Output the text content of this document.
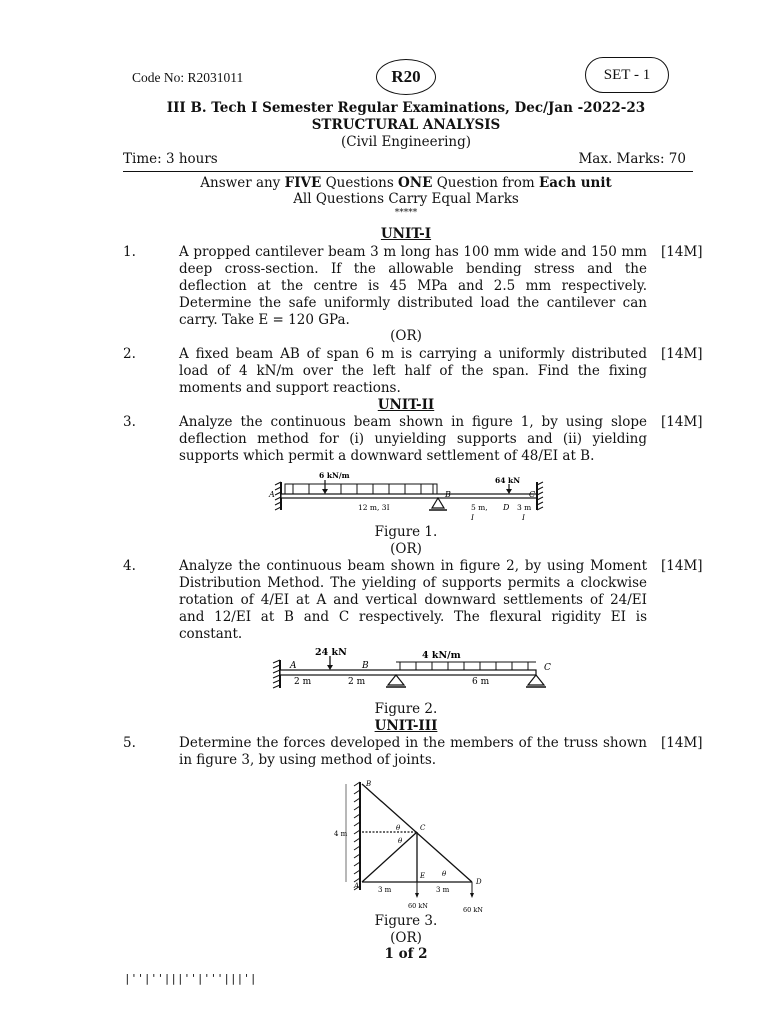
Code No: R2031011	R20	SET - 1
III B. Tech I Semester Regular Examinations, Dec/Jan -2022-23
STRUCTURAL ANALYSIS
(Civil Engineering)
Time: 3 hours	Max. Marks: 70
Answer any FIVE Questions ONE Question from Each unit
All Questions Carry Equal Marks
*****
UNIT-I
1.	A propped cantilever beam 3 m long has 100 mm wide and 150 mm deep cross-section. If the allowable bending stress and the deflection at the centre is 45 MPa and 2.5 mm respectively. Determine the safe uniformly distributed load the cantilever can carry. Take E = 120 GPa.
[14M]
(OR)
2.	A fixed beam AB of span 6 m is carrying a uniformly distributed load of 4 kN/m over the left half of the span. Find the fixing moments and support reactions.
[14M]
UNIT-II
3.	Analyze the continuous beam shown in figure 1, by using slope deflection method for (i) unyielding supports and (ii) yielding supports which permit a downward settlement of 48/EI at B.
[14M]
A
6 kN/m
B
64 kN
C
D
12 m, 3I	5 m,	3 m
I	I
Figure 1.
(OR)
4.	Analyze the continuous beam shown in figure 2, by using Moment Distribution Method. The yielding of supports permits a clockwise rotation of 4/EI at A and vertical downward settlements of 24/EI and 12/EI at B and C respectively. The flexural rigidity EI is constant.
[14M]
24 kN	4 kN/m
A	B	C
2 m	2 m	6 m
Figure 2.
UNIT-III
5.	Determine the forces developed in the members of the truss shown in figure 3, by using method of joints.
[14M]
B
C
A
E
D
4 m
θ
θ
θ
3 m	3 m
60 kN	60 kN
Figure 3.
(OR)
1 of 2
|''|''|||''|'''|||'|
